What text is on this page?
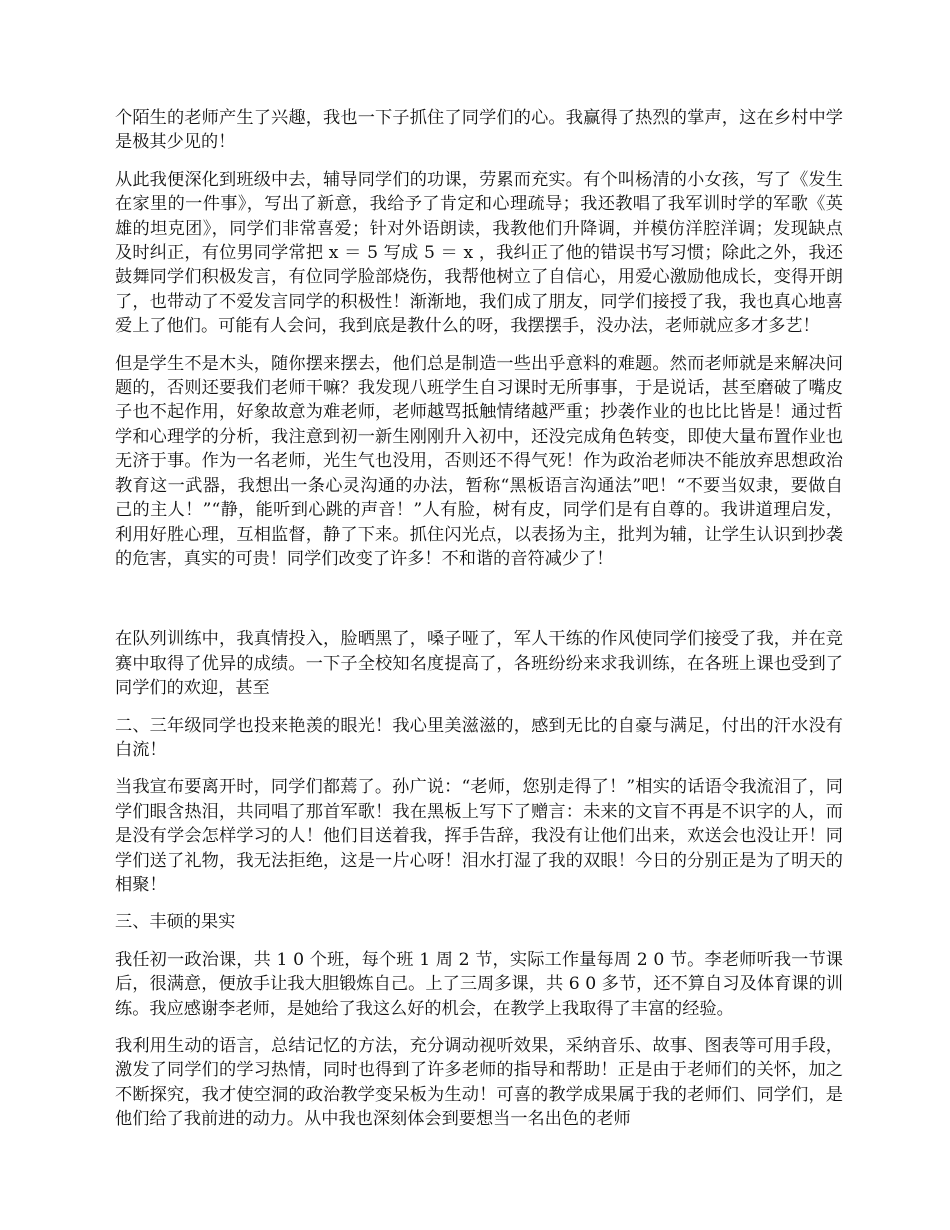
个陌生的老师产生了兴趣，我也一下子抓住了同学们的心。我赢得了热烈的掌声，这在乡村中学是极其少见的！

从此我便深化到班级中去，辅导同学们的功课，劳累而充实。有个叫杨清的小女孩，写了《发生在家里的一件事》，写出了新意，我给予了肯定和心理疏导；我还教唱了我军训时学的军歌《英雄的坦克团》，同学们非常喜爱；针对外语朗读，我教他们升降调，并模仿洋腔洋调；发现缺点及时纠正，有位男同学常把 x ＝ 5 写成 5 ＝ x ，我纠正了他的错误书写习惯；除此之外，我还鼓舞同学们积极发言，有位同学脸部烧伤，我帮他树立了自信心，用爱心激励他成长，变得开朗了，也带动了不爱发言同学的积极性！渐渐地，我们成了朋友，同学们接授了我，我也真心地喜爱上了他们。可能有人会问，我到底是教什么的呀，我摆摆手，没办法，老师就应多才多艺！

但是学生不是木头，随你摆来摆去，他们总是制造一些出乎意料的难题。然而老师就是来解决问题的，否则还要我们老师干嘛？我发现八班学生自习课时无所事事，于是说话，甚至磨破了嘴皮子也不起作用，好象故意为难老师，老师越骂抵触情绪越严重；抄袭作业的也比比皆是！通过哲学和心理学的分析，我注意到初一新生刚刚升入初中，还没完成角色转变，即使大量布置作业也无济于事。作为一名老师，光生气也没用，否则还不得气死！作为政治老师决不能放弃思想政治教育这一武器，我想出一条心灵沟通的办法，暂称“黑板语言沟通法”吧！“不要当奴隶，要做自己的主人！”“静，能听到心跳的声音！”人有脸，树有皮，同学们是有自尊的。我讲道理启发，利用好胜心理，互相监督，静了下来。抓住闪光点，以表扬为主，批判为辅，让学生认识到抄袭的危害，真实的可贵！同学们改变了许多！不和谐的音符减少了！

在队列训练中，我真情投入，脸晒黑了，嗓子哑了，军人干练的作风使同学们接受了我，并在竞赛中取得了优异的成绩。一下子全校知名度提高了，各班纷纷来求我训练，在各班上课也受到了同学们的欢迎，甚至

二、三年级同学也投来艳羡的眼光！我心里美滋滋的，感到无比的自豪与满足，付出的汗水没有白流！

当我宣布要离开时，同学们都蔫了。孙广说：“老师，您别走得了！”相实的话语令我流泪了，同学们眼含热泪，共同唱了那首军歌！我在黑板上写下了赠言：未来的文盲不再是不识字的人，而是没有学会怎样学习的人！他们目送着我，挥手告辞，我没有让他们出来，欢送会也没让开！同学们送了礼物，我无法拒绝，这是一片心呀！泪水打湿了我的双眼！今日的分别正是为了明天的相聚！

三、丰硕的果实

我任初一政治课，共 1 0 个班，每个班 1 周 2 节，实际工作量每周 2 0 节。李老师听我一节课后，很满意，便放手让我大胆锻炼自己。上了三周多课，共 6 0 多节，还不算自习及体育课的训练。我应感谢李老师，是她给了我这么好的机会，在教学上我取得了丰富的经验。

我利用生动的语言，总结记忆的方法，充分调动视听效果，采纳音乐、故事、图表等可用手段，激发了同学们的学习热情，同时也得到了许多老师的指导和帮助！正是由于老师们的关怀，加之不断探究，我才使空洞的政治教学变呆板为生动！可喜的教学成果属于我的老师们、同学们，是他们给了我前进的动力。从中我也深刻体会到要想当一名出色的老师
